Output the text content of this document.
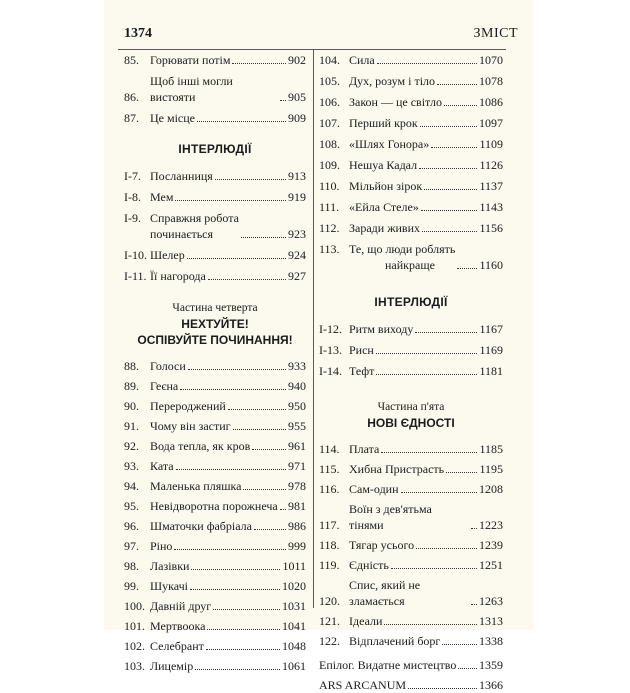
1374	ЗМІСТ
85. Горювати потім	902
86.
Щоб інші могли вистояти	905
87. Це місце	909
ІНТЕРЛЮДІЇ
І-7. Посланниця	913
І-8. Мем	919
І-9. Справжня робота
починається	923
І-10. Шелер	924
І-11. Її нагорода	927
Частина четверта
НЕХТУЙТЕ!
ОСПІВУЙТЕ ПОЧИНАННЯ!
88. Голоси	933
89. Геєна	940
90. Перероджений	950
91. Чому він застиг	955
92. Вода тепла, як кров	961
93. Ката	971
94. Маленька пляшка	978
95. Невідворотна порожнеча 981
96. Шматочки фабріала	986
97. Ріно	999
98. Лазівки	1011
99. Шукачі	1020
100. Давній друг	1031
101. Мертвоока	1041
102. Селебрант	1048
103. Лицемір	1061
104. Сила	1070
105. Дух, розум і тіло	1078
106. Закон — це світло	1086
107. Перший крок	1097
108. «Шлях Гонора»	1109
109. Нешуа Кадал	1126
110. Мільйон зірок	1137
111. «Ейла Стеле»	1143
112. Заради живих	1156
113. Те, що люди роблять
найкраще	1160
ІНТЕРЛЮДІЇ
І-12. Ритм виходу	1167
І-13. Рисн	1169
І-14. Тефт	1181
Частина п'ята
НОВІ ЄДНОСТІ
114. Плата	1185
115. Хибна Пристрасть	1195
116. Сам-один	1208
117.
Воїн з дев'ятьма тінями	1223
118. Тягар усього	1239
119. Єдність	1251
120.
Спис, який не зламається	1263
121. Ідеали	1313
122. Відплачений борг	1338
Епілог. Видатне мистецтво 1359
ARS ARCANUM	1366
